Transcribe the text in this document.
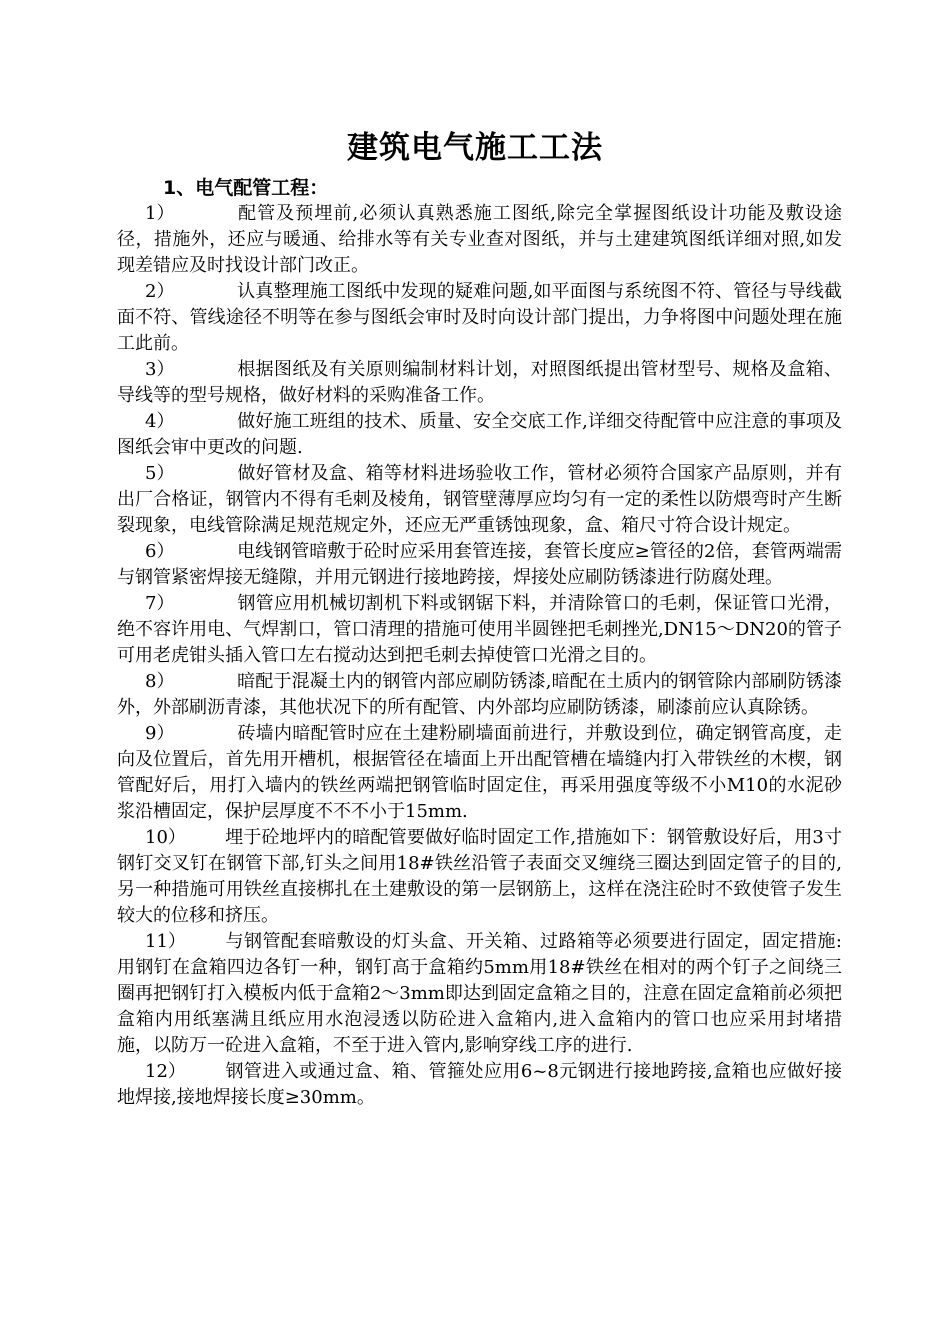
建筑电气施工工法
1、电气配管工程：

1）	配管及预埋前,必须认真熟悉施工图纸,除完全掌握图纸设计功能及敷设途径，措施外，还应与暖通、给排水等有关专业查对图纸，并与土建建筑图纸详细对照,如发现差错应及时找设计部门改正。

2）	认真整理施工图纸中发现的疑难问题,如平面图与系统图不符、管径与导线截面不符、管线途径不明等在参与图纸会审时及时向设计部门提出，力争将图中问题处理在施工此前。

3）	根据图纸及有关原则编制材料计划，对照图纸提出管材型号、规格及盒箱、导线等的型号规格，做好材料的采购准备工作。

4）	做好施工班组的技术、质量、安全交底工作,详细交待配管中应注意的事项及图纸会审中更改的问题.

5）	做好管材及盒、箱等材料进场验收工作，管材必须符合国家产品原则，并有出厂合格证，钢管内不得有毛刺及棱角，钢管壁薄厚应均匀有一定的柔性以防煨弯时产生断裂现象，电线管除满足规范规定外，还应无严重锈蚀现象，盒、箱尺寸符合设计规定。

6）	电线钢管暗敷于砼时应采用套管连接，套管长度应≥管径的2倍，套管两端需与钢管紧密焊接无缝隙，并用元钢进行接地跨接，焊接处应刷防锈漆进行防腐处理。

7）	钢管应用机械切割机下料或钢锯下料，并清除管口的毛刺，保证管口光滑，绝不容许用电、气焊割口，管口清理的措施可使用半圆锉把毛刺挫光,DN15～DN20的管子可用老虎钳头插入管口左右搅动达到把毛刺去掉使管口光滑之目的。

8）	暗配于混凝土内的钢管内部应刷防锈漆,暗配在土质内的钢管除内部刷防锈漆外，外部刷沥青漆，其他状况下的所有配管、内外部均应刷防锈漆，刷漆前应认真除锈。

9）	砖墙内暗配管时应在土建粉刷墙面前进行，并敷设到位，确定钢管高度，走向及位置后，首先用开槽机，根据管径在墙面上开出配管槽在墙缝内打入带铁丝的木楔，钢管配好后，用打入墙内的铁丝两端把钢管临时固定住，再采用强度等级不小M10的水泥砂浆沿槽固定，保护层厚度不不不小于15mm.

10） 埋于砼地坪内的暗配管要做好临时固定工作,措施如下：钢管敷设好后，用3寸钢钉交叉钉在钢管下部,钉头之间用18#铁丝沿管子表面交叉缠绕三圈达到固定管子的目的,另一种措施可用铁丝直接梆扎在土建敷设的第一层钢筋上，这样在浇注砼时不致使管子发生较大的位移和挤压。

11） 与钢管配套暗敷设的灯头盒、开关箱、过路箱等必须要进行固定，固定措施:用钢钉在盒箱四边各钉一种，钢钉高于盒箱约5mm用18#铁丝在相对的两个钉子之间绕三圈再把钢钉打入模板内低于盒箱2～3mm即达到固定盒箱之目的，注意在固定盒箱前必须把盒箱内用纸塞满且纸应用水泡浸透以防砼进入盒箱内,进入盒箱内的管口也应采用封堵措施，以防万一砼进入盒箱，不至于进入管内,影响穿线工序的进行.

12） 钢管进入或通过盒、箱、管箍处应用6~8元钢进行接地跨接,盒箱也应做好接地焊接,接地焊接长度≥30mm。
